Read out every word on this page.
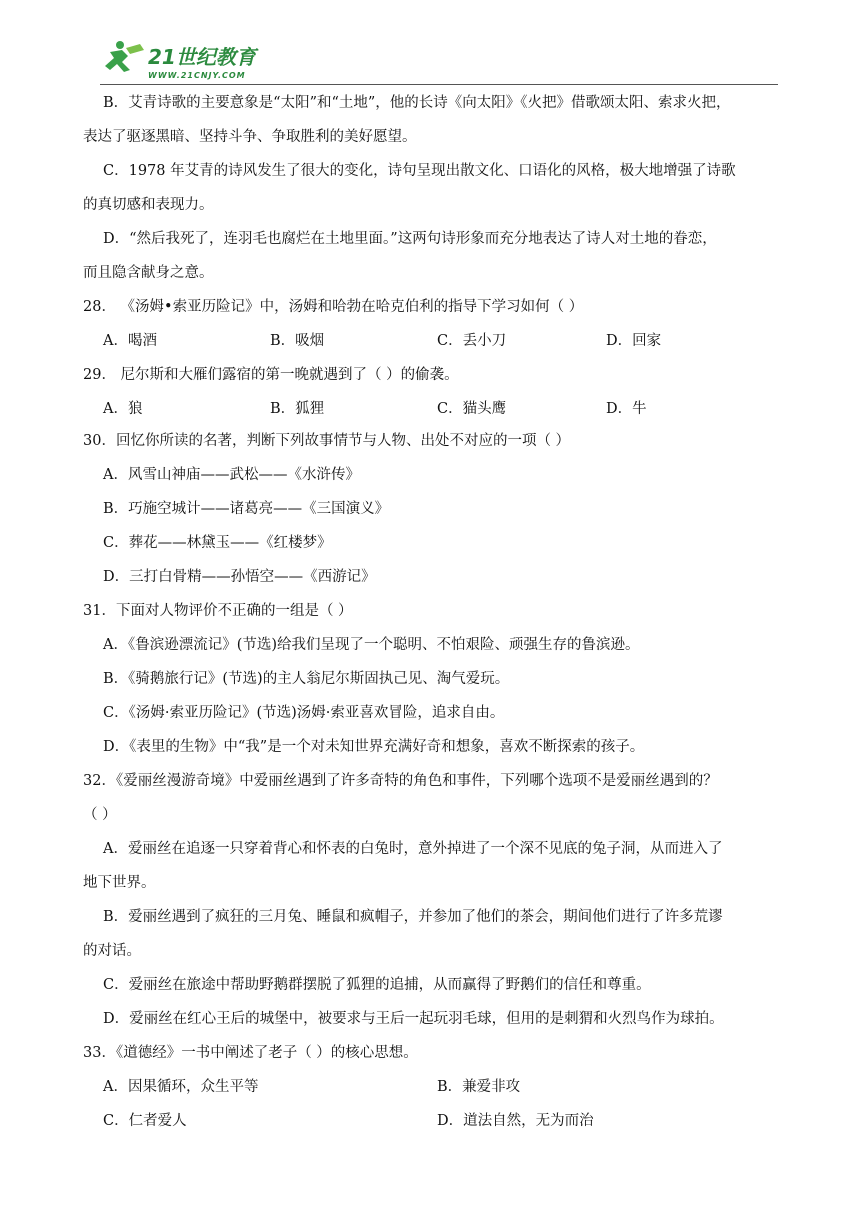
21世纪教育
WWW.21CNJY.COM
B．艾青诗歌的主要意象是“太阳”和“土地”，他的长诗《向太阳》《火把》借歌颂太阳、索求火把，
表达了驱逐黑暗、坚持斗争、争取胜利的美好愿望。
C．1978 年艾青的诗风发生了很大的变化，诗句呈现出散文化、口语化的风格，极大地增强了诗歌
的真切感和表现力。
D．“然后我死了，连羽毛也腐烂在土地里面。”这两句诗形象而充分地表达了诗人对土地的眷恋，
而且隐含献身之意。
28． 《汤姆•索亚历险记》中，汤姆和哈勃在哈克伯利的指导下学习如何（ ）
29． 尼尔斯和大雁们露宿的第一晚就遇到了（ ）的偷袭。
30．回忆你所读的名著，判断下列故事情节与人物、出处不对应的一项（ ）
A．风雪山神庙——武松——《水浒传》
B．巧施空城计——诸葛亮——《三国演义》
C．葬花——林黛玉——《红楼梦》
D．三打白骨精——孙悟空——《西游记》
31．下面对人物评价不正确的一组是（ ）
A．《鲁滨逊漂流记》(节选)给我们呈现了一个聪明、不怕艰险、顽强生存的鲁滨逊。
B．《骑鹅旅行记》(节选)的主人翁尼尔斯固执己见、淘气爱玩。
C．《汤姆·索亚历险记》(节选)汤姆·索亚喜欢冒险，追求自由。
D．《表里的生物》中“我”是一个对未知世界充满好奇和想象，喜欢不断探索的孩子。
32．《爱丽丝漫游奇境》中爱丽丝遇到了许多奇特的角色和事件，下列哪个选项不是爱丽丝遇到的？
（ ）
A．爱丽丝在追逐一只穿着背心和怀表的白兔时，意外掉进了一个深不见底的兔子洞，从而进入了
地下世界。
B．爱丽丝遇到了疯狂的三月兔、睡鼠和疯帽子，并参加了他们的茶会，期间他们进行了许多荒谬
的对话。
C．爱丽丝在旅途中帮助野鹅群摆脱了狐狸的追捕，从而赢得了野鹅们的信任和尊重。
D．爱丽丝在红心王后的城堡中，被要求与王后一起玩羽毛球，但用的是刺猬和火烈鸟作为球拍。
33．《道德经》一书中阐述了老子（ ）的核心思想。
A．喝酒	B．吸烟	C．丢小刀	D．回家
A．狼	B．狐狸	C．猫头鹰	D．牛
A．因果循环，众生平等	B．兼爱非攻
C．仁者爱人	D．道法自然，无为而治
